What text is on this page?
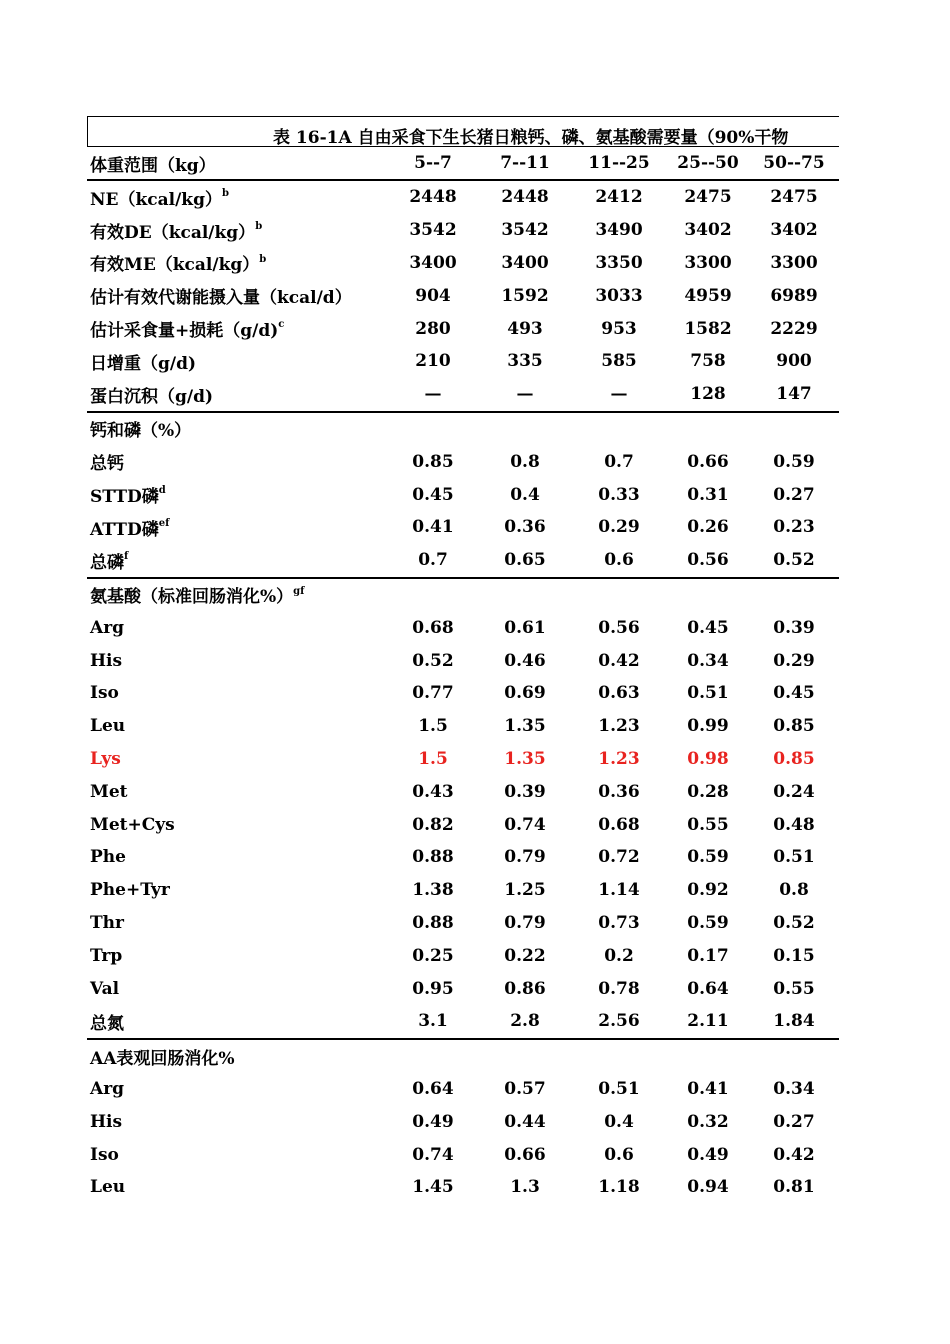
表 16-1A 自由采食下生长猪日粮钙、磷、氨基酸需要量（90%干物
体重范围（kg）	5--7	7--11	11--25	25--50	50--75
NE（kcal/kg）$^b$	2448	2448	2412	2475	2475
有效DE（kcal/kg）$^b$	3542	3542	3490	3402	3402
有效ME（kcal/kg）$^b$	3400	3400	3350	3300	3300
估计有效代谢能摄入量（kcal/d）	904	1592	3033	4959	6989
估计采食量+损耗（g/d)$^c$	280	493	953	1582	2229
日增重（g/d)	210	335	585	758	900
蛋白沉积（g/d)	—	—	—	128	147
钙和磷（%）					
总钙	0.85	0.8	0.7	0.66	0.59
STTD磷$^d$	0.45	0.4	0.33	0.31	0.27
ATTD磷$^{ef}$	0.41	0.36	0.29	0.26	0.23
总磷$^f$	0.7	0.65	0.6	0.56	0.52
氨基酸（标准回肠消化%）$^{gf}$					
Arg	0.68	0.61	0.56	0.45	0.39
His	0.52	0.46	0.42	0.34	0.29
Iso	0.77	0.69	0.63	0.51	0.45
Leu	1.5	1.35	1.23	0.99	0.85
Lys	1.5	1.35	1.23	0.98	0.85
Met	0.43	0.39	0.36	0.28	0.24
Met+Cys	0.82	0.74	0.68	0.55	0.48
Phe	0.88	0.79	0.72	0.59	0.51
Phe+Tyr	1.38	1.25	1.14	0.92	0.8
Thr	0.88	0.79	0.73	0.59	0.52
Trp	0.25	0.22	0.2	0.17	0.15
Val	0.95	0.86	0.78	0.64	0.55
总氮	3.1	2.8	2.56	2.11	1.84
AA表观回肠消化%					
Arg	0.64	0.57	0.51	0.41	0.34
His	0.49	0.44	0.4	0.32	0.27
Iso	0.74	0.66	0.6	0.49	0.42
Leu	1.45	1.3	1.18	0.94	0.81
